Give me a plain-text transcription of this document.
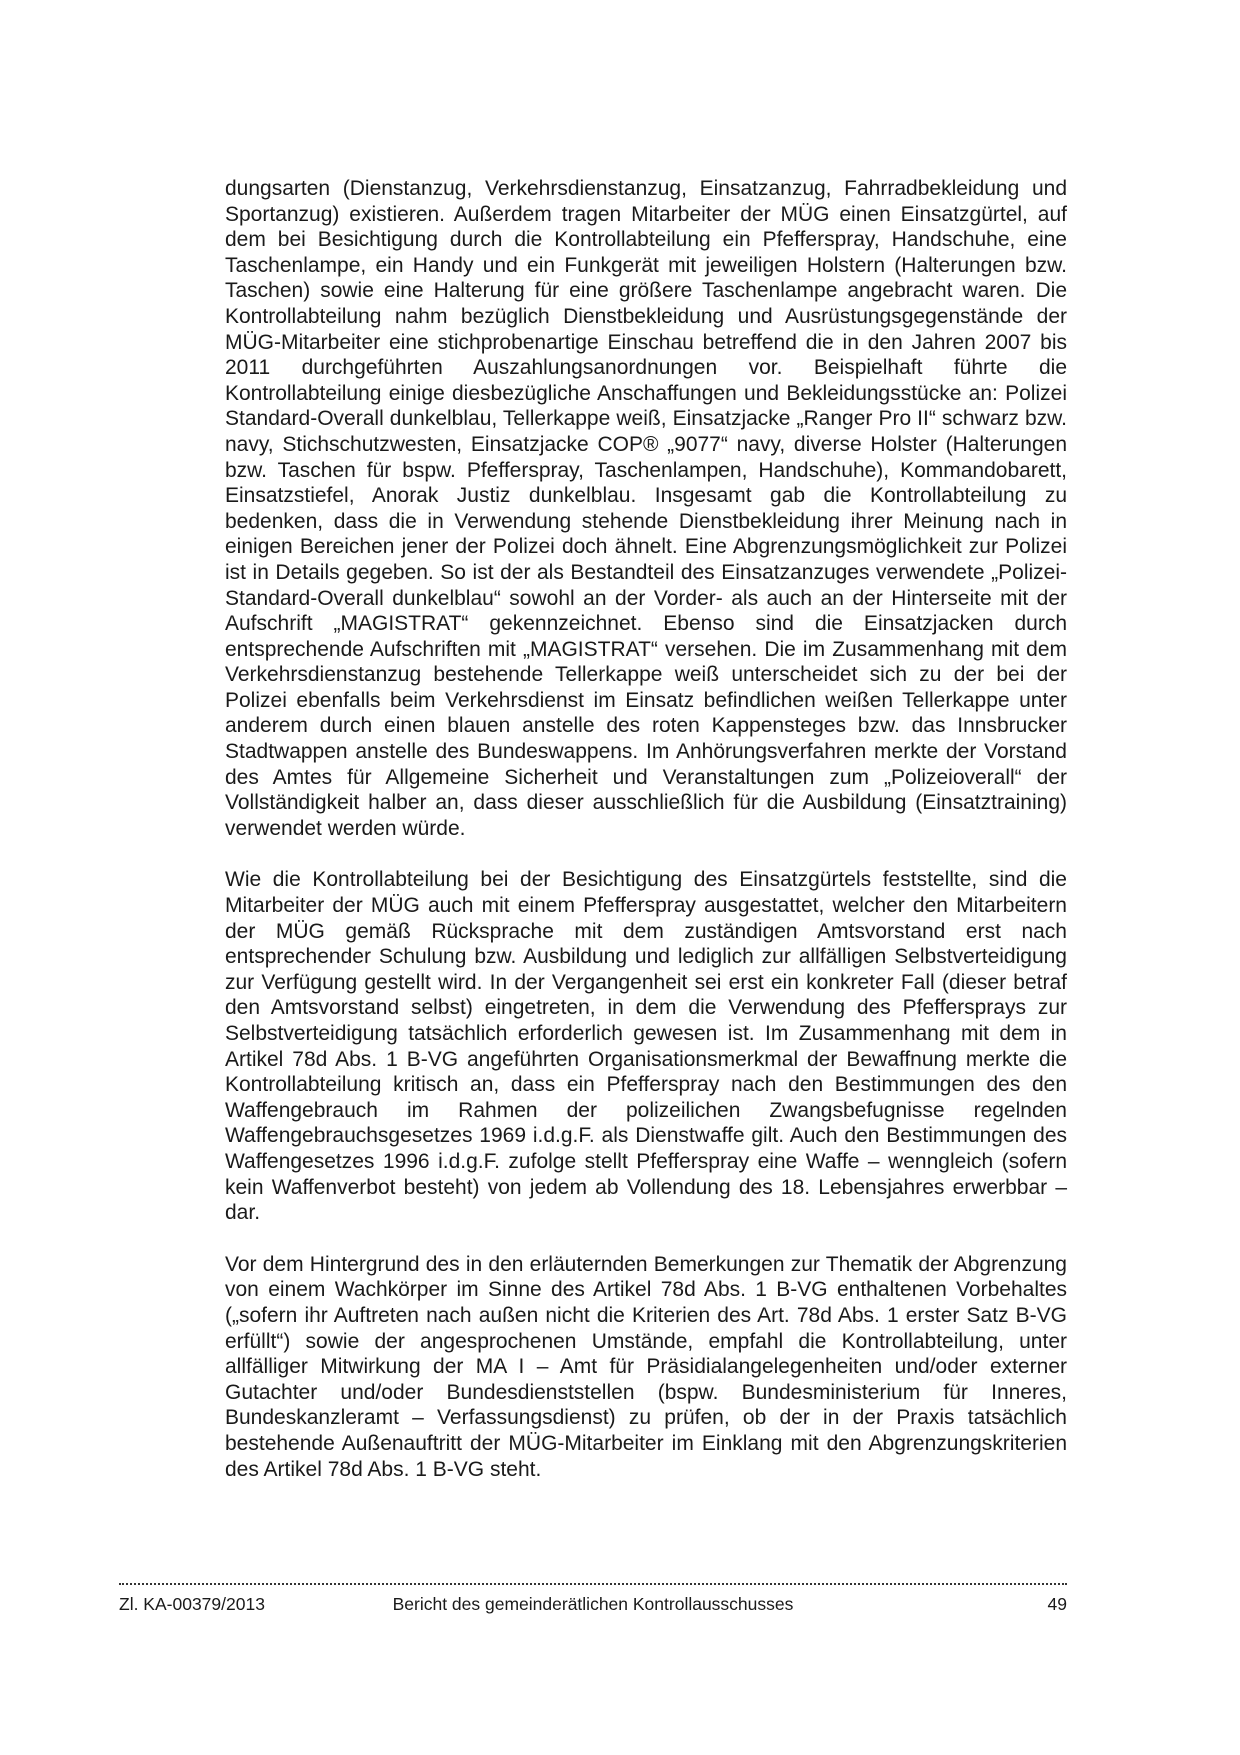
dungsarten (Dienstanzug, Verkehrsdienstanzug, Einsatzanzug, Fahrradbekleidung und Sportanzug) existieren. Außerdem tragen Mitarbeiter der MÜG einen Einsatzgürtel, auf dem bei Besichtigung durch die Kontrollabteilung ein Pfefferspray, Handschuhe, eine Taschenlampe, ein Handy und ein Funkgerät mit jeweiligen Holstern (Halterungen bzw. Taschen) sowie eine Halterung für eine größere Taschenlampe angebracht waren. Die Kontrollabteilung nahm bezüglich Dienstbekleidung und Ausrüstungsgegenstände der MÜG-Mitarbeiter eine stichprobenartige Einschau betreffend die in den Jahren 2007 bis 2011 durchgeführten Auszahlungsanordnungen vor. Beispielhaft führte die Kontrollabteilung einige diesbezügliche Anschaffungen und Bekleidungsstücke an: Polizei Standard-Overall dunkelblau, Tellerkappe weiß, Einsatzjacke „Ranger Pro II“ schwarz bzw. navy, Stichschutzwesten, Einsatzjacke COP® „9077“ navy, diverse Holster (Halterungen bzw. Taschen für bspw. Pfefferspray, Taschenlampen, Handschuhe), Kommandobarett, Einsatzstiefel, Anorak Justiz dunkelblau. Insgesamt gab die Kontrollabteilung zu bedenken, dass die in Verwendung stehende Dienstbekleidung ihrer Meinung nach in einigen Bereichen jener der Polizei doch ähnelt. Eine Abgrenzungsmöglichkeit zur Polizei ist in Details gegeben. So ist der als Bestandteil des Einsatzanzuges verwendete „Polizei-Standard-Overall dunkelblau“ sowohl an der Vorder- als auch an der Hinterseite mit der Aufschrift „MAGISTRAT“ gekennzeichnet. Ebenso sind die Einsatzjacken durch entsprechende Aufschriften mit „MAGISTRAT“ versehen. Die im Zusammenhang mit dem Verkehrsdienstanzug bestehende Tellerkappe weiß unterscheidet sich zu der bei der Polizei ebenfalls beim Verkehrsdienst im Einsatz befindlichen weißen Tellerkappe unter anderem durch einen blauen anstelle des roten Kappensteges bzw. das Innsbrucker Stadtwappen anstelle des Bundeswappens. Im Anhörungsverfahren merkte der Vorstand des Amtes für Allgemeine Sicherheit und Veranstaltungen zum „Polizeioverall“ der Vollständigkeit halber an, dass dieser ausschließlich für die Ausbildung (Einsatztraining) verwendet werden würde.

Wie die Kontrollabteilung bei der Besichtigung des Einsatzgürtels feststellte, sind die Mitarbeiter der MÜG auch mit einem Pfefferspray ausgestattet, welcher den Mitarbeitern der MÜG gemäß Rücksprache mit dem zuständigen Amtsvorstand erst nach entsprechender Schulung bzw. Ausbildung und lediglich zur allfälligen Selbstverteidigung zur Verfügung gestellt wird. In der Vergangenheit sei erst ein konkreter Fall (dieser betraf den Amtsvorstand selbst) eingetreten, in dem die Verwendung des Pfeffersprays zur Selbstverteidigung tatsächlich erforderlich gewesen ist. Im Zusammenhang mit dem in Artikel 78d Abs. 1 B-VG angeführten Organisationsmerkmal der Bewaffnung merkte die Kontrollabteilung kritisch an, dass ein Pfefferspray nach den Bestimmungen des den Waffengebrauch im Rahmen der polizeilichen Zwangsbefugnisse regelnden Waffengebrauchsgesetzes 1969 i.d.g.F. als Dienstwaffe gilt. Auch den Bestimmungen des Waffengesetzes 1996 i.d.g.F. zufolge stellt Pfefferspray eine Waffe – wenngleich (sofern kein Waffenverbot besteht) von jedem ab Vollendung des 18. Lebensjahres erwerbbar – dar.

Vor dem Hintergrund des in den erläuternden Bemerkungen zur Thematik der Abgrenzung von einem Wachkörper im Sinne des Artikel 78d Abs. 1 B-VG enthaltenen Vorbehaltes („sofern ihr Auftreten nach außen nicht die Kriterien des Art. 78d Abs. 1 erster Satz B-VG erfüllt“) sowie der angesprochenen Umstände, empfahl die Kontrollabteilung, unter allfälliger Mitwirkung der MA I – Amt für Präsidialangelegenheiten und/oder externer Gutachter und/oder Bundesdienststellen (bspw. Bundesministerium für Inneres, Bundeskanzleramt – Verfassungsdienst) zu prüfen, ob der in der Praxis tatsächlich bestehende Außenauftritt der MÜG-Mitarbeiter im Einklang mit den Abgrenzungskriterien des Artikel 78d Abs. 1 B-VG steht.

Zl. KA-00379/2013	Bericht des gemeinderätlichen Kontrollausschusses	49
